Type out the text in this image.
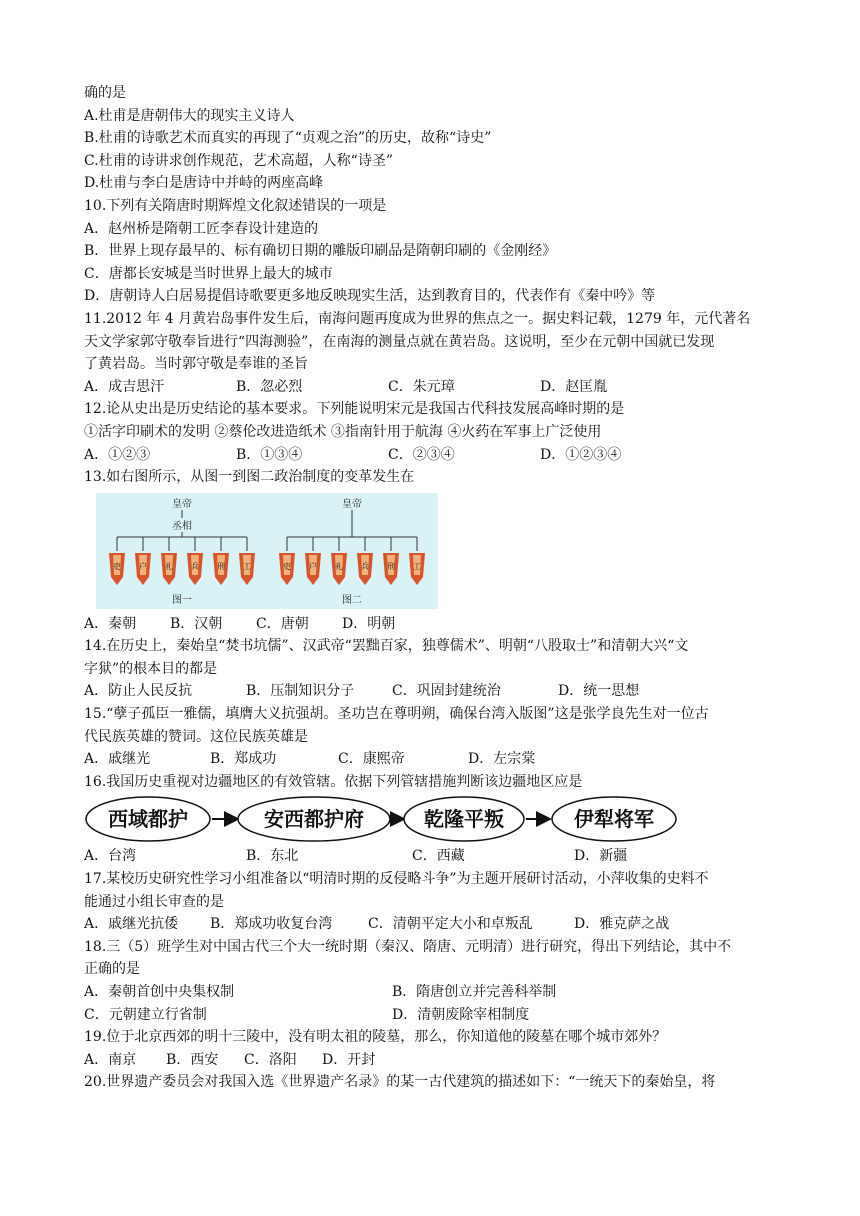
确的是
A.杜甫是唐朝伟大的现实主义诗人
B.杜甫的诗歌艺术而真实的再现了“贞观之治”的历史，故称“诗史”
C.杜甫的诗讲求创作规范，艺术高超，人称“诗圣”
D.杜甫与李白是唐诗中并峙的两座高峰
10.下列有关隋唐时期辉煌文化叙述错误的一项是
A．赵州桥是隋朝工匠李春设计建造的
B．世界上现存最早的、标有确切日期的雕版印刷品是隋朝印刷的《金刚经》
C．唐都长安城是当时世界上最大的城市
D．唐朝诗人白居易提倡诗歌要更多地反映现实生活，达到教育目的，代表作有《秦中吟》等
11.2012 年 4 月黄岩岛事件发生后，南海问题再度成为世界的焦点之一。据史料记载，1279 年，元代著名
天文学家郭守敬奉旨进行“四海测验”，在南海的测量点就在黄岩岛。这说明，至少在元朝中国就已发现
了黄岩岛。当时郭守敬是奉谁的圣旨
A．成吉思汗	B．忽必烈	C．朱元璋	D．赵匡胤
12.论从史出是历史结论的基本要求。下列能说明宋元是我国古代科技发展高峰时期的是
①活字印刷术的发明 ②蔡伦改进造纸术 ③指南针用于航海 ④火药在军事上广泛使用
A．①②③	B．①③④	C．②③④	D．①②③④
13.如右图所示，从图一到图二政治制度的变革发生在
皇帝
丞相
吏 户 礼 兵 刑 工
图一
皇帝
吏 户 礼 兵 刑 工
图二
A．秦朝 B．汉朝 C．唐朝 D．明朝
14.在历史上，秦始皇“焚书坑儒”、汉武帝“罢黜百家，独尊儒术”、明朝“八股取士”和清朝大兴“文
字狱”的根本目的都是
A．防止人民反抗	B．压制知识分子	C．巩固封建统治	D．统一思想
15.“孽子孤臣一雅儒，填膺大义抗强胡。圣功岂在尊明朔，确保台湾入版图”这是张学良先生对一位古
代民族英雄的赞词。这位民族英雄是
A．戚继光	B．郑成功	C．康熙帝	D．左宗棠
16.我国历史重视对边疆地区的有效管辖。依据下列管辖措施判断该边疆地区应是
西域都护	安西都护府	乾隆平叛	伊犁将军
A．台湾	B．东北	C．西藏	D．新疆
17.某校历史研究性学习小组准备以“明清时期的反侵略斗争”为主题开展研讨活动，小萍收集的史料不
能通过小组长审查的是
A．戚继光抗倭 B．郑成功收复台湾	C．清朝平定大小和卓叛乱	D．雅克萨之战
18.三（5）班学生对中国古代三个大一统时期（秦汉、隋唐、元明清）进行研究，得出下列结论，其中不
正确的是
A．秦朝首创中央集权制	B．隋唐创立并完善科举制
C．元朝建立行省制	D．清朝废除宰相制度
19.位于北京西郊的明十三陵中，没有明太祖的陵墓，那么，你知道他的陵墓在哪个城市郊外？
A．南京 B．西安 C．洛阳 D．开封
20.世界遗产委员会对我国入选《世界遗产名录》的某一古代建筑的描述如下：“一统天下的秦始皇，将
